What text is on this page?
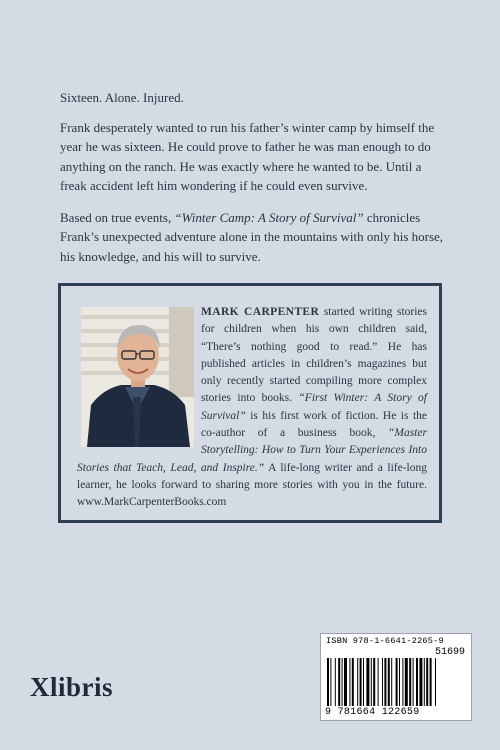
Sixteen. Alone. Injured.

Frank desperately wanted to run his father’s winter camp by himself the year he was sixteen. He could prove to father he was man enough to do anything on the ranch. He was exactly where he wanted to be. Until a freak accident left him wondering if he could even survive.

Based on true events, “Winter Camp: A Story of Survival” chronicles Frank’s unexpected adventure alone in the mountains with only his horse, his knowledge, and his will to survive.

MARK CARPENTER started writing stories for children when his own children said, “There’s nothing good to read.” He has published articles in children’s magazines but only recently started compiling more complex stories into books. “First Winter: A Story of Survival” is his first work of fiction. He is the co-author of a business book, “Master Storytelling: How to Turn Your Experiences Into Stories that Teach, Lead, and Inspire.” A life-long writer and a life-long learner, he looks forward to sharing more stories with you in the future. www.MarkCarpenterBooks.com

Xlibris
ISBN 978-1-6641-2265-9
51699
9 781664 122659
